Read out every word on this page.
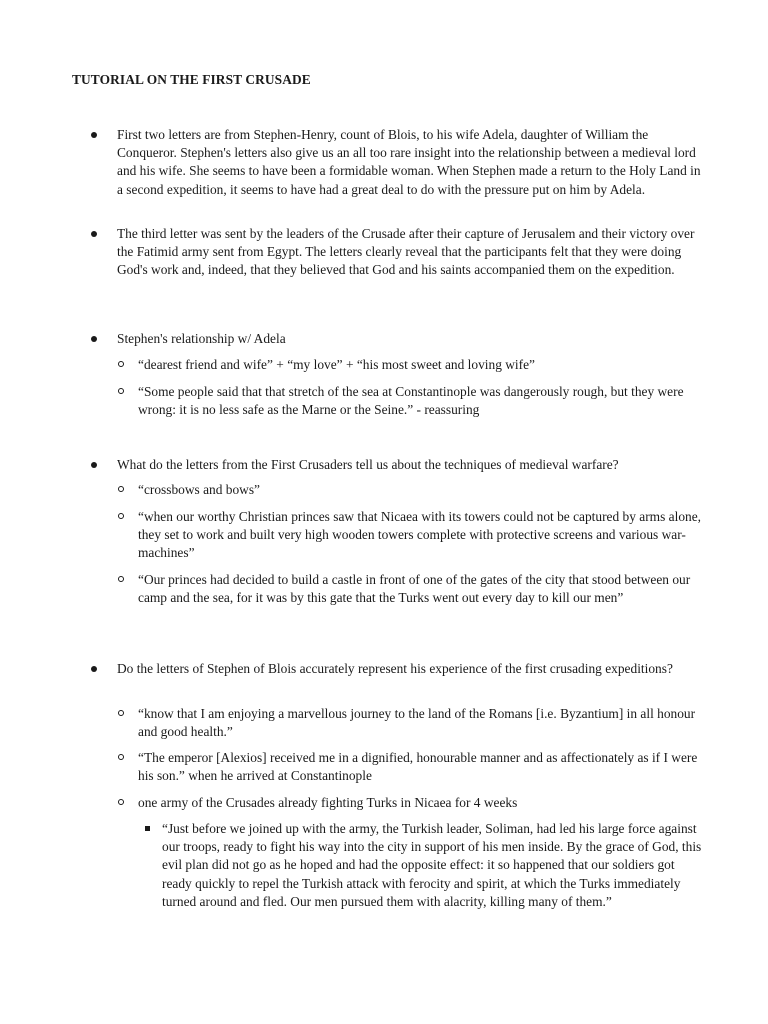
TUTORIAL ON THE FIRST CRUSADE
First two letters are from Stephen-Henry, count of Blois, to his wife Adela, daughter of William the Conqueror. Stephen's letters also give us an all too rare insight into the relationship between a medieval lord and his wife. She seems to have been a formidable woman. When Stephen made a return to the Holy Land in a second expedition, it seems to have had a great deal to do with the pressure put on him by Adela.
The third letter was sent by the leaders of the Crusade after their capture of Jerusalem and their victory over the Fatimid army sent from Egypt. The letters clearly reveal that the participants felt that they were doing God's work and, indeed, that they believed that God and his saints accompanied them on the expedition.
Stephen's relationship w/ Adela
“dearest friend and wife” + “my love” + “his most sweet and loving wife”
“Some people said that that stretch of the sea at Constantinople was dangerously rough, but they were wrong: it is no less safe as the Marne or the Seine.” - reassuring
What do the letters from the First Crusaders tell us about the techniques of medieval warfare?
“crossbows and bows”
“when our worthy Christian princes saw that Nicaea with its towers could not be captured by arms alone, they set to work and built very high wooden towers complete with protective screens and various war-machines”
“Our princes had decided to build a castle in front of one of the gates of the city that stood between our camp and the sea, for it was by this gate that the Turks went out every day to kill our men”
Do the letters of Stephen of Blois accurately represent his experience of the first crusading expeditions?
“know that I am enjoying a marvellous journey to the land of the Romans [i.e. Byzantium] in all honour and good health.”
“The emperor [Alexios] received me in a dignified, honourable manner and as affectionately as if I were his son.” when he arrived at Constantinople
one army of the Crusades already fighting Turks in Nicaea for 4 weeks
“Just before we joined up with the army, the Turkish leader, Soliman, had led his large force against our troops, ready to fight his way into the city in support of his men inside. By the grace of God, this evil plan did not go as he hoped and had the opposite effect: it so happened that our soldiers got ready quickly to repel the Turkish attack with ferocity and spirit, at which the Turks immediately turned around and fled. Our men pursued them with alacrity, killing many of them.”
